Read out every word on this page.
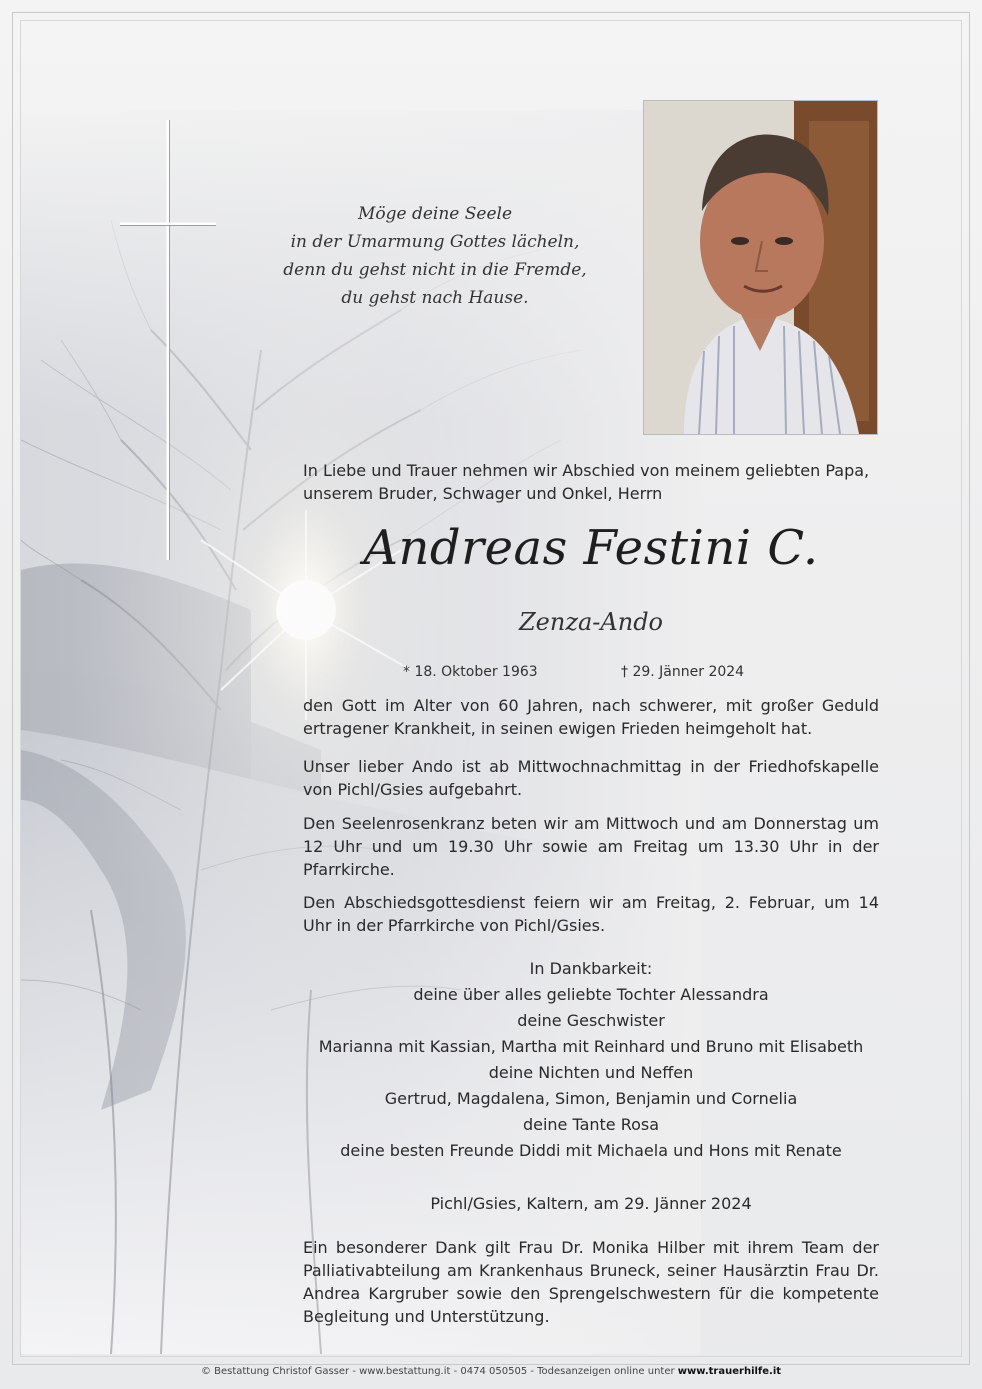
Möge deine Seele
in der Umarmung Gottes lächeln,
denn du gehst nicht in die Fremde,
du gehst nach Hause.
In Liebe und Trauer nehmen wir Abschied von meinem geliebten Papa,
unserem Bruder, Schwager und Onkel, Herrn
Andreas Festini C.
Zenza-Ando
* 18. Oktober 1963	† 29. Jänner 2024
den Gott im Alter von 60 Jahren, nach schwerer, mit großer Geduld ertragener Krankheit, in seinen ewigen Frieden heimgeholt hat.
Unser lieber Ando ist ab Mittwochnachmittag in der Friedhofskapelle von Pichl/Gsies aufgebahrt.
Den Seelenrosenkranz beten wir am Mittwoch und am Donnerstag um 12 Uhr und um 19.30 Uhr sowie am Freitag um 13.30 Uhr in der Pfarrkirche.
Den Abschiedsgottesdienst feiern wir am Freitag, 2. Februar, um 14 Uhr in der Pfarrkirche von Pichl/Gsies.
In Dankbarkeit:
deine über alles geliebte Tochter Alessandra
deine Geschwister
Marianna mit Kassian, Martha mit Reinhard und Bruno mit Elisabeth
deine Nichten und Neffen
Gertrud, Magdalena, Simon, Benjamin und Cornelia
deine Tante Rosa
deine besten Freunde Diddi mit Michaela und Hons mit Renate
Pichl/Gsies, Kaltern, am 29. Jänner 2024
Ein besonderer Dank gilt Frau Dr. Monika Hilber mit ihrem Team der Palliativabteilung am Krankenhaus Bruneck, seiner Hausärztin Frau Dr. Andrea Kargruber sowie den Sprengelschwestern für die kompetente Begleitung und Unterstützung.
© Bestattung Christof Gasser - www.bestattung.it - 0474 050505 - Todesanzeigen online unter www.trauerhilfe.it
